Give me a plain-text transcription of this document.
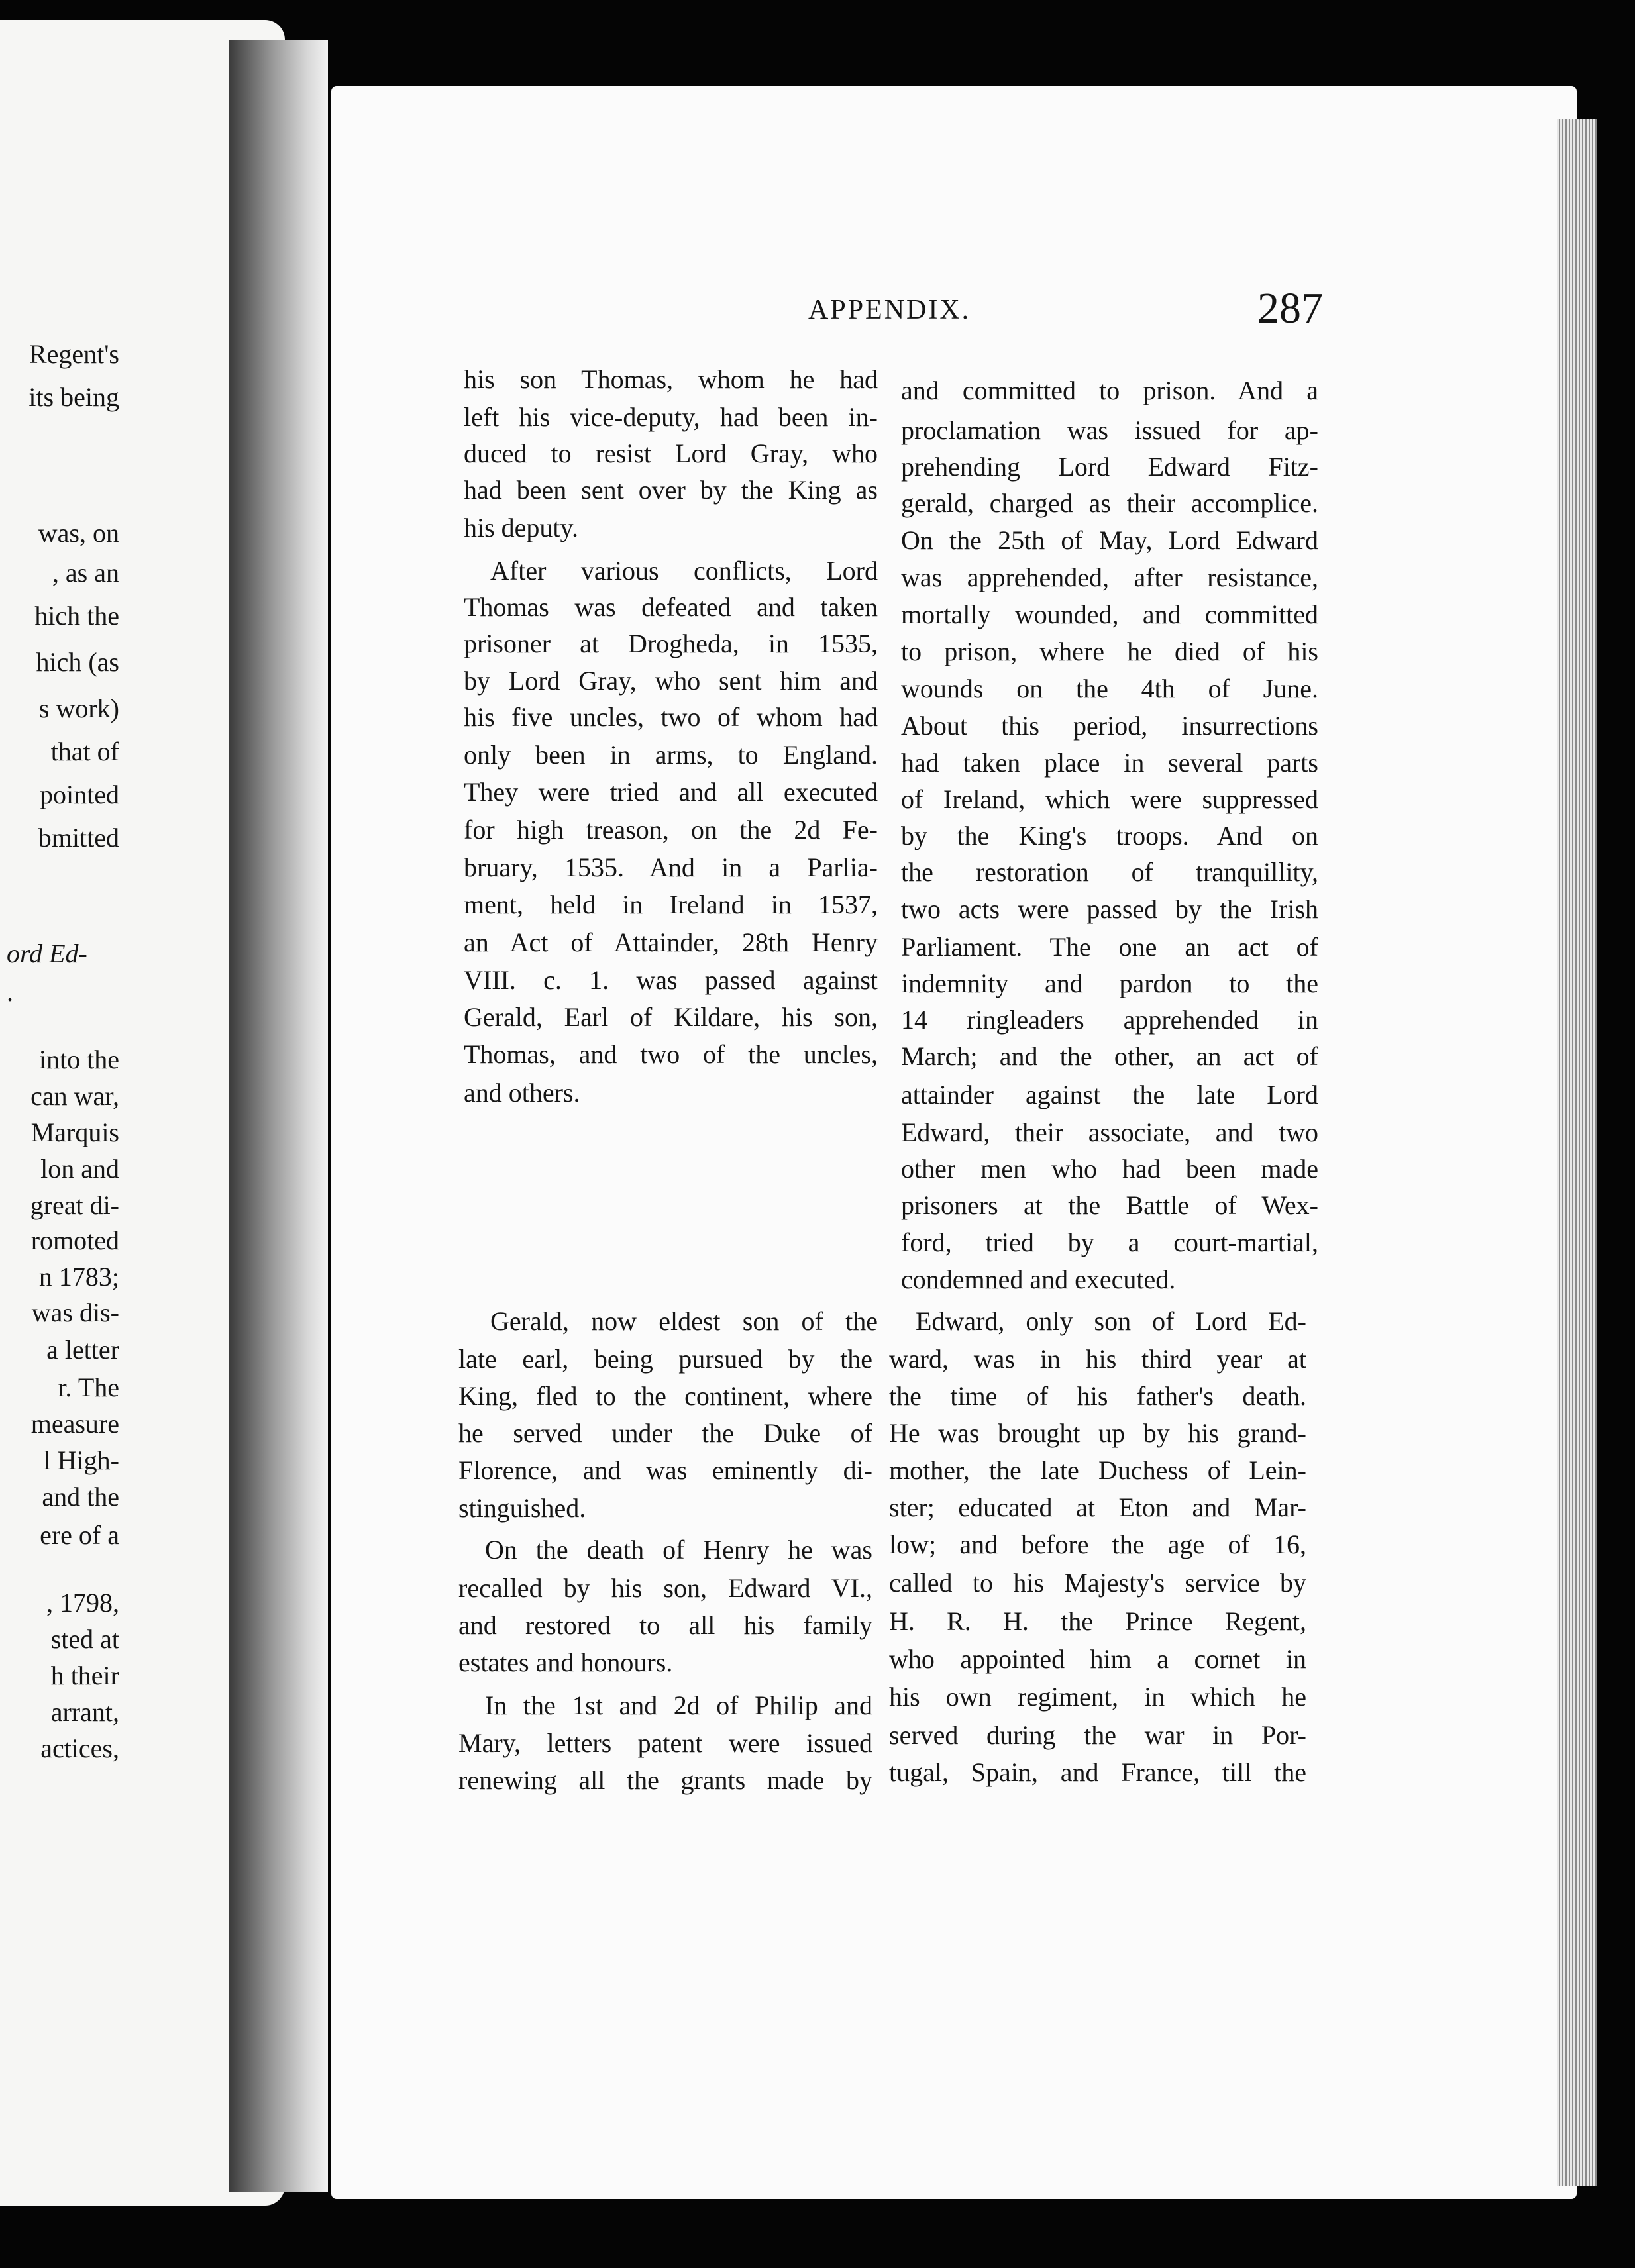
APPENDIX.	287
Regent's
its being
was, on
, as an
hich the
hich (as
s work)
that of
pointed
bmitted
ord Ed-
.
into the
can war,
Marquis
lon and
great di-
romoted
n 1783;
was dis-
a letter
r. The
measure
l High-
and the
ere of a
, 1798,
sted at
h their
arrant,
actices,
his son Thomas, whom he had
left his vice-deputy, had been in-
duced to resist Lord Gray, who
had been sent over by the King as
his deputy.
After various conflicts, Lord
Thomas was defeated and taken
prisoner at Drogheda, in 1535,
by Lord Gray, who sent him and
his five uncles, two of whom had
only been in arms, to England.
They were tried and all executed
for high treason, on the 2d Fe-
bruary, 1535. And in a Parlia-
ment, held in Ireland in 1537,
an Act of Attainder, 28th Henry
VIII. c. 1. was passed against
Gerald, Earl of Kildare, his son,
Thomas, and two of the uncles,
and others.
Gerald, now eldest son of the
late earl, being pursued by the
King, fled to the continent, where
he served under the Duke of
Florence, and was eminently di-
stinguished.
On the death of Henry he was
recalled by his son, Edward VI.,
and restored to all his family
estates and honours.
In the 1st and 2d of Philip and
Mary, letters patent were issued
renewing all the grants made by
and committed to prison. And a
proclamation was issued for ap-
prehending Lord Edward Fitz-
gerald, charged as their accomplice.
On the 25th of May, Lord Edward
was apprehended, after resistance,
mortally wounded, and committed
to prison, where he died of his
wounds on the 4th of June.
About this period, insurrections
had taken place in several parts
of Ireland, which were suppressed
by the King's troops. And on
the restoration of tranquillity,
two acts were passed by the Irish
Parliament. The one an act of
indemnity and pardon to the
14 ringleaders apprehended in
March; and the other, an act of
attainder against the late Lord
Edward, their associate, and two
other men who had been made
prisoners at the Battle of Wex-
ford, tried by a court-martial,
condemned and executed.
Edward, only son of Lord Ed-
ward, was in his third year at
the time of his father's death.
He was brought up by his grand-
mother, the late Duchess of Lein-
ster; educated at Eton and Mar-
low; and before the age of 16,
called to his Majesty's service by
H. R. H. the Prince Regent,
who appointed him a cornet in
his own regiment, in which he
served during the war in Por-
tugal, Spain, and France, till the
